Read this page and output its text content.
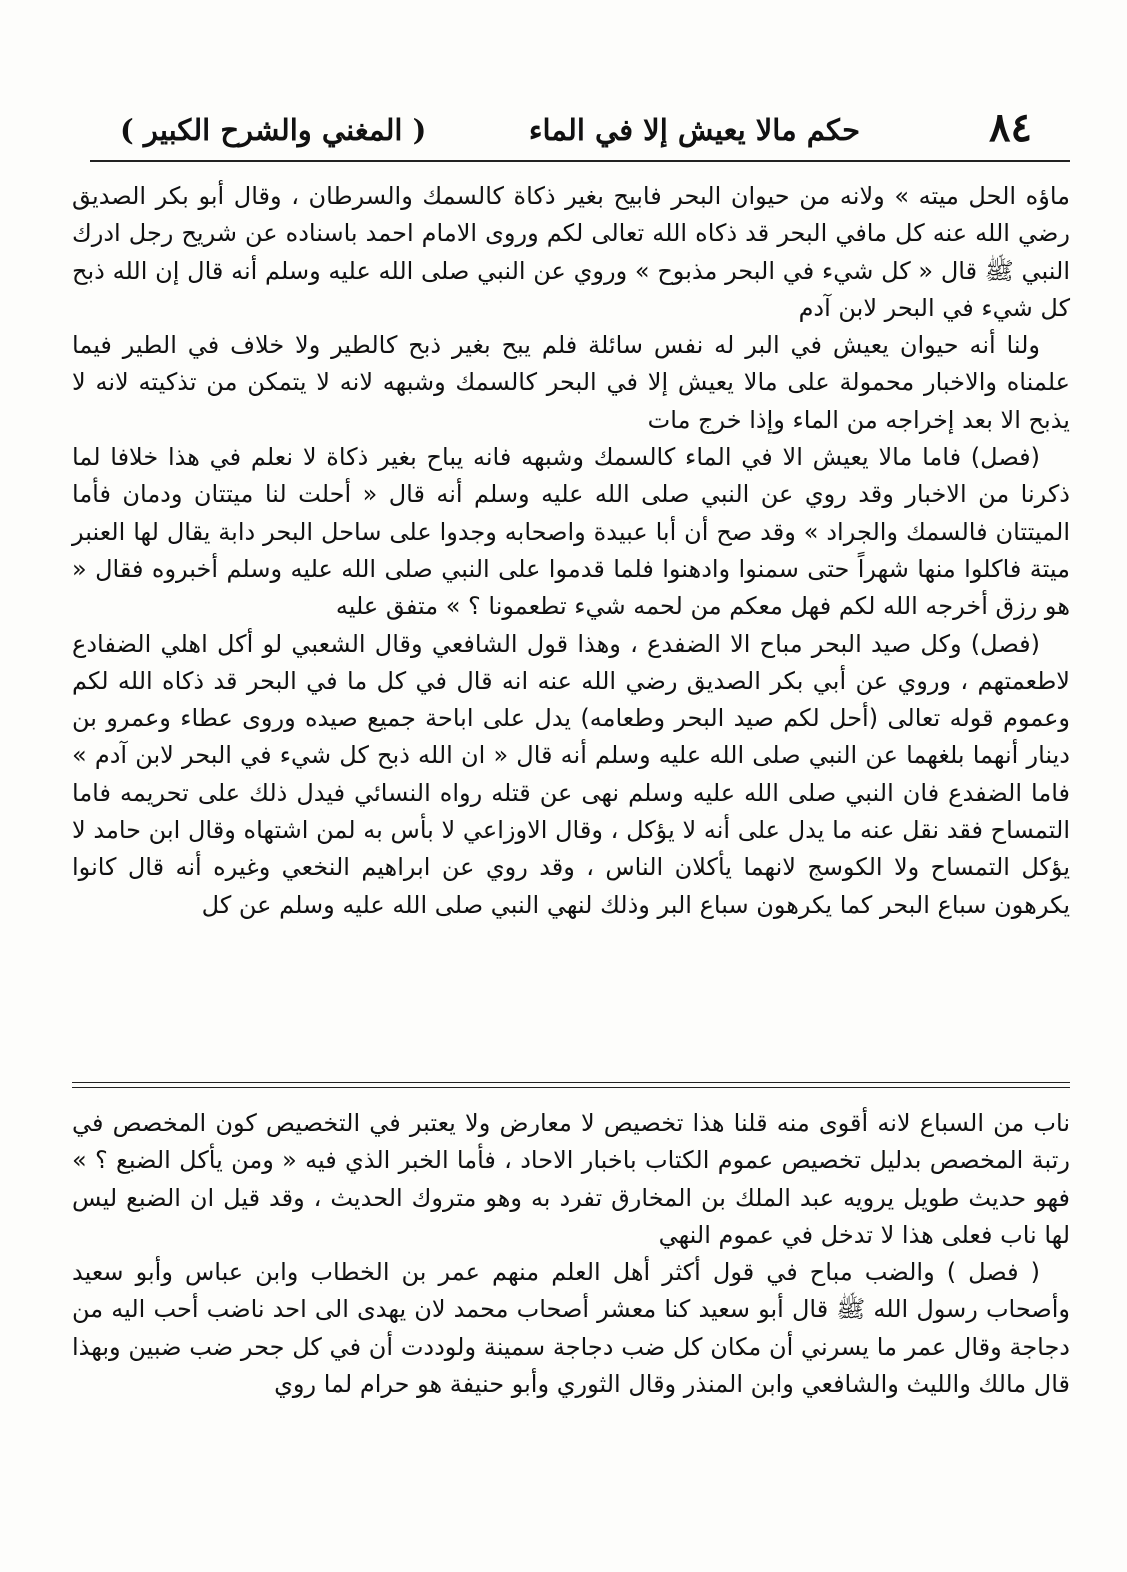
٨٤
حكم مالا يعيش إلا في الماء
( المغني والشرح الكبير )

ماؤه الحل ميته » ولانه من حيوان البحر فابيح بغير ذكاة كالسمك والسرطان ، وقال أبو بكر الصديق رضي الله عنه كل مافي البحر قد ذكاه الله تعالى لكم وروى الامام احمد باسناده عن شريح رجل ادرك النبي ﷺ قال « كل شيء في البحر مذبوح » وروي عن النبي صلى الله عليه وسلم أنه قال إن الله ذبح كل شيء في البحر لابن آدم

ولنا أنه حيوان يعيش في البر له نفس سائلة فلم يبح بغير ذبح كالطير ولا خلاف في الطير فيما علمناه والاخبار محمولة على مالا يعيش إلا في البحر كالسمك وشبهه لانه لا يتمكن من تذكيته لانه لا يذبح الا بعد إخراجه من الماء وإذا خرج مات

(فصل) فاما مالا يعيش الا في الماء كالسمك وشبهه فانه يباح بغير ذكاة لا نعلم في هذا خلافا لما ذكرنا من الاخبار وقد روي عن النبي صلى الله عليه وسلم أنه قال « أحلت لنا ميتتان ودمان فأما الميتتان فالسمك والجراد » وقد صح أن أبا عبيدة واصحابه وجدوا على ساحل البحر دابة يقال لها العنبر ميتة فاكلوا منها شهراً حتى سمنوا وادهنوا فلما قدموا على النبي صلى الله عليه وسلم أخبروه فقال « هو رزق أخرجه الله لكم فهل معكم من لحمه شيء تطعمونا ؟ » متفق عليه

(فصل) وكل صيد البحر مباح الا الضفدع ، وهذا قول الشافعي وقال الشعبي لو أكل اهلي الضفادع لاطعمتهم ، وروي عن أبي بكر الصديق رضي الله عنه انه قال في كل ما في البحر قد ذكاه الله لكم وعموم قوله تعالى (أحل لكم صيد البحر وطعامه) يدل على اباحة جميع صيده وروى عطاء وعمرو بن دينار أنهما بلغهما عن النبي صلى الله عليه وسلم أنه قال « ان الله ذبح كل شيء في البحر لابن آدم » فاما الضفدع فان النبي صلى الله عليه وسلم نهى عن قتله رواه النسائي فيدل ذلك على تحريمه فاما التمساح فقد نقل عنه ما يدل على أنه لا يؤكل ، وقال الاوزاعي لا بأس به لمن اشتهاه وقال ابن حامد لا يؤكل التمساح ولا الكوسج لانهما يأكلان الناس ، وقد روي عن ابراهيم النخعي وغيره أنه قال كانوا يكرهون سباع البحر كما يكرهون سباع البر وذلك لنهي النبي صلى الله عليه وسلم عن كل

ناب من السباع لانه أقوى منه قلنا هذا تخصيص لا معارض ولا يعتبر في التخصيص كون المخصص في رتبة المخصص بدليل تخصيص عموم الكتاب باخبار الاحاد ، فأما الخبر الذي فيه « ومن يأكل الضبع ؟ » فهو حديث طويل يرويه عبد الملك بن المخارق تفرد به وهو متروك الحديث ، وقد قيل ان الضبع ليس لها ناب فعلى هذا لا تدخل في عموم النهي

( فصل ) والضب مباح في قول أكثر أهل العلم منهم عمر بن الخطاب وابن عباس وأبو سعيد وأصحاب رسول الله ﷺ قال أبو سعيد كنا معشر أصحاب محمد لان يهدى الى احد ناضب أحب اليه من دجاجة وقال عمر ما يسرني أن مكان كل ضب دجاجة سمينة ولوددت أن في كل جحر ضب ضبين وبهذا قال مالك والليث والشافعي وابن المنذر وقال الثوري وأبو حنيفة هو حرام لما روي
